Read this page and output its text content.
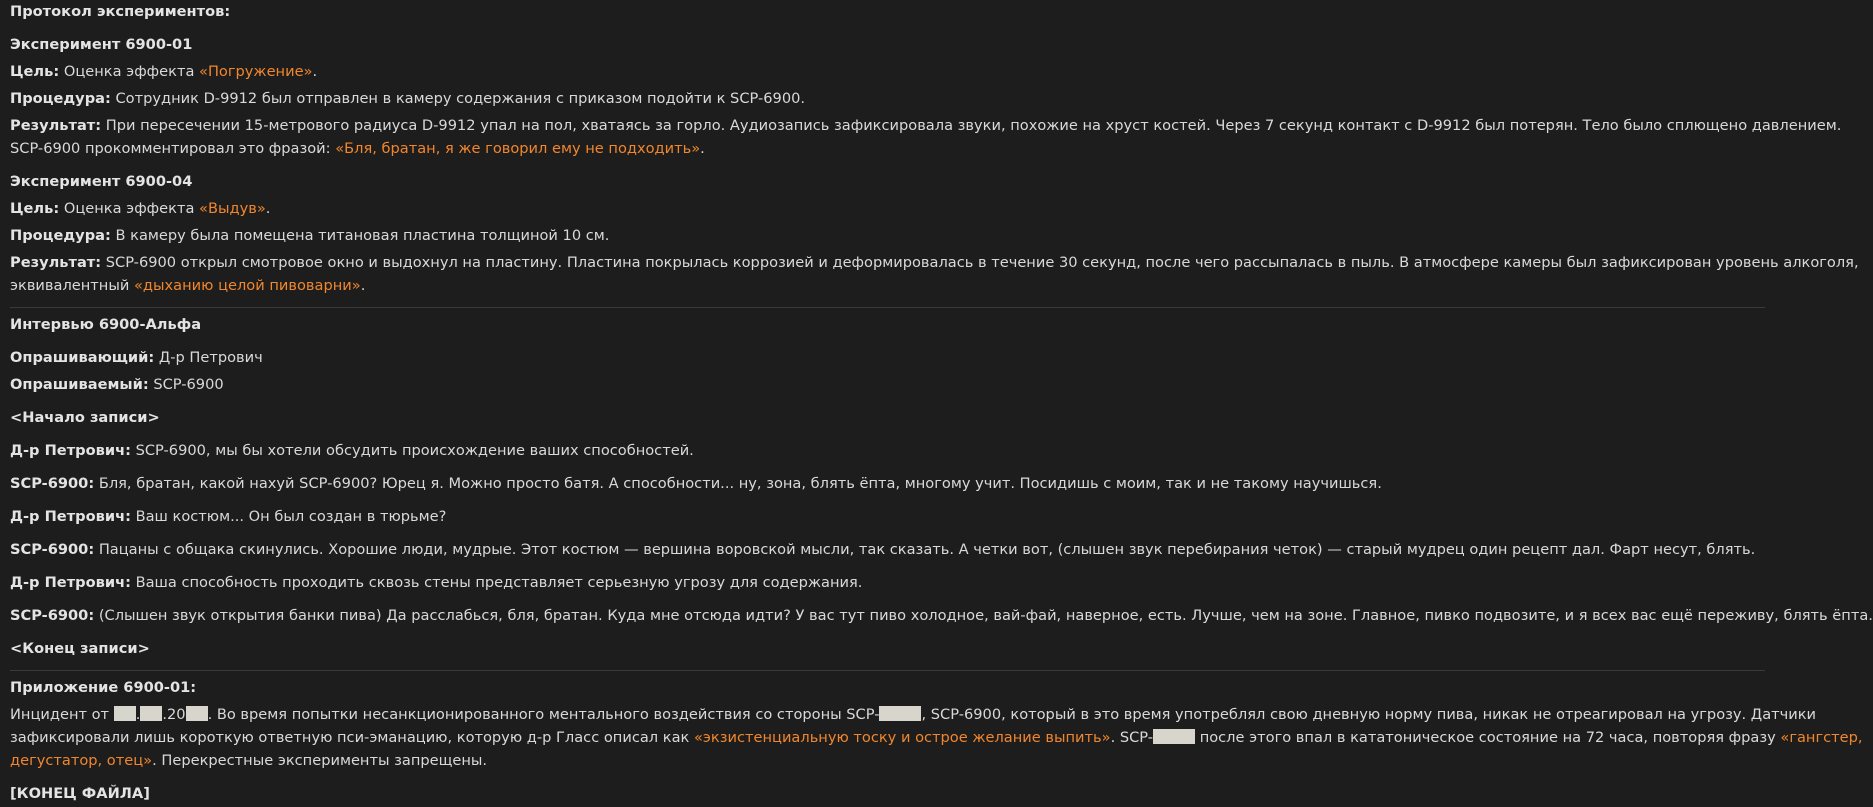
Протокол экспериментов:
Эксперимент 6900-01
Цель: Оценка эффекта «Погружение».
Процедура: Сотрудник D-9912 был отправлен в камеру содержания с приказом подойти к SCP-6900.
Результат: При пересечении 15-метрового радиуса D-9912 упал на пол, хватаясь за горло. Аудиозапись зафиксировала звуки, похожие на хруст костей. Через 7 секунд контакт с D-9912 был потерян. Тело было сплющено давлением.
SCP-6900 прокомментировал это фразой: «Бля, братан, я же говорил ему не подходить».
Эксперимент 6900-04
Цель: Оценка эффекта «Выдув».
Процедура: В камеру была помещена титановая пластина толщиной 10 см.
Результат: SCP-6900 открыл смотровое окно и выдохнул на пластину. Пластина покрылась коррозией и деформировалась в течение 30 секунд, после чего рассыпалась в пыль. В атмосфере камеры был зафиксирован уровень алкоголя,
эквивалентный «дыханию целой пивоварни».
Интервью 6900-Альфа
Опрашивающий: Д-р Петрович
Опрашиваемый: SCP-6900
<Начало записи>
Д-р Петрович: SCP-6900, мы бы хотели обсудить происхождение ваших способностей.
SCP-6900: Бля, братан, какой нахуй SCP-6900? Юрец я. Можно просто батя. А способности... ну, зона, блять ёпта, многому учит. Посидишь с моим, так и не такому научишься.
Д-р Петрович: Ваш костюм... Он был создан в тюрьме?
SCP-6900: Пацаны с общака скинулись. Хорошие люди, мудрые. Этот костюм — вершина воровской мысли, так сказать. А четки вот, (слышен звук перебирания четок) — старый мудрец один рецепт дал. Фарт несут, блять.
Д-р Петрович: Ваша способность проходить сквозь стены представляет серьезную угрозу для содержания.
SCP-6900: (Слышен звук открытия банки пива) Да расслабься, бля, братан. Куда мне отсюда идти? У вас тут пиво холодное, вай-фай, наверное, есть. Лучше, чем на зоне. Главное, пивко подвозите, и я всех вас ещё переживу, блять ёпта.
<Конец записи>
Приложение 6900-01:
Инцидент от . .20 . Во время попытки несанкционированного ментального воздействия со стороны SCP-	, SCP-6900, который в это время употреблял свою дневную норму пива, никак не отреагировал на угрозу. Датчики
зафиксировали лишь короткую ответную пси-эманацию, которую д-р Гласс описал как «экзистенциальную тоску и острое желание выпить». SCP-	после этого впал в кататоническое состояние на 72 часа, повторяя фразу «гангстер,
дегустатор, отец». Перекрестные эксперименты запрещены.
[КОНЕЦ ФАЙЛА]
